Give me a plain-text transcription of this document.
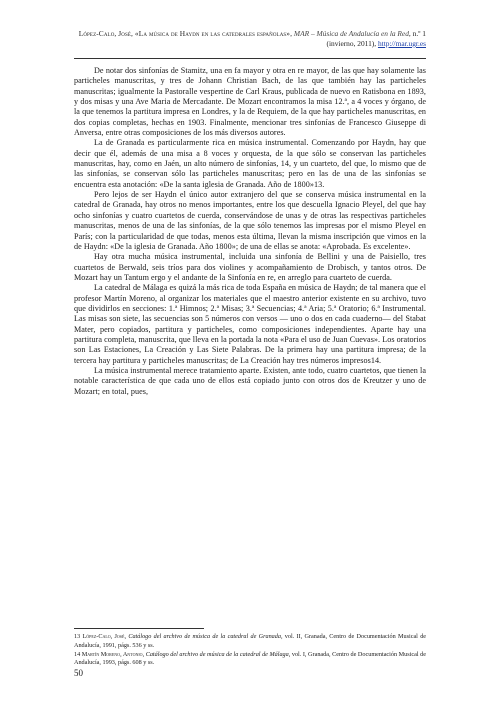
López-Calo, José, «La música de Haydn en las catedrales españolas», MAR – Música de Andalucía en la Red, n.º 1 (invierno, 2011), http://mar.ugr.es

De notar dos sinfonías de Stamitz, una en fa mayor y otra en re mayor, de las que hay solamente las particheles manuscritas, y tres de Johann Christian Bach, de las que también hay las particheles manuscritas; igualmente la Pastoralle vespertine de Carl Kraus, publicada de nuevo en Ratisbona en 1893, y dos misas y una Ave Maria de Mercadante. De Mozart encontramos la misa 12.ª, a 4 voces y órgano, de la que tenemos la partitura impresa en Londres, y la de Requiem, de la que hay particheles manuscritas, en dos copias completas, hechas en 1903. Finalmente, mencionar tres sinfonías de Francesco Giuseppe di Anversa, entre otras composiciones de los más diversos autores.

La de Granada es particularmente rica en música instrumental. Comenzando por Haydn, hay que decir que él, además de una misa a 8 voces y orquesta, de la que sólo se conservan las particheles manuscritas, hay, como en Jaén, un alto número de sinfonías, 14, y un cuarteto, del que, lo mismo que de las sinfonías, se conservan sólo las particheles manuscritas; pero en las de una de las sinfonías se encuentra esta anotación: «De la santa iglesia de Granada. Año de 1800»13.

Pero lejos de ser Haydn el único autor extranjero del que se conserva música instrumental en la catedral de Granada, hay otros no menos importantes, entre los que descuella Ignacio Pleyel, del que hay ocho sinfonías y cuatro cuartetos de cuerda, conservándose de unas y de otras las respectivas particheles manuscritas, menos de una de las sinfonías, de la que sólo tenemos las impresas por el mismo Pleyel en París; con la particularidad de que todas, menos esta última, llevan la misma inscripción que vimos en la de Haydn: «De la iglesia de Granada. Año 1800»; de una de ellas se anota: «Aprobada. Es excelente».

Hay otra mucha música instrumental, incluida una sinfonía de Bellini y una de Paisiello, tres cuartetos de Berwald, seis tríos para dos violines y acompañamiento de Drobisch, y tantos otros. De Mozart hay un Tantum ergo y el andante de la Sinfonía en re, en arreglo para cuarteto de cuerda.

La catedral de Málaga es quizá la más rica de toda España en música de Haydn; de tal manera que el profesor Martín Moreno, al organizar los materiales que el maestro anterior existente en su archivo, tuvo que dividirlos en secciones: 1.ª Himnos; 2.ª Misas; 3.ª Secuencias; 4.ª Aria; 5.ª Oratorio; 6.ª Instrumental. Las misas son siete, las secuencias son 5 números con versos — uno o dos en cada cuaderno— del Stabat Mater, pero copiados, partitura y particheles, como composiciones independientes. Aparte hay una partitura completa, manuscrita, que lleva en la portada la nota «Para el uso de Juan Cuevas». Los oratorios son Las Estaciones, La Creación y Las Siete Palabras. De la primera hay una partitura impresa; de la tercera hay partitura y particheles manuscritas; de La Creación hay tres números impresos14.

La música instrumental merece tratamiento aparte. Existen, ante todo, cuatro cuartetos, que tienen la notable característica de que cada uno de ellos está copiado junto con otros dos de Kreutzer y uno de Mozart; en total, pues,

13 López-Calo, José, Catálogo del archivo de música de la catedral de Granada, vol. II, Granada, Centro de Documentación Musical de Andalucía, 1991, págs. 536 y ss.

14 Martín Moreno, Antonio, Catálogo del archivo de música de la catedral de Málaga, vol. I, Granada, Centro de Documentación Musical de Andalucía, 1993, págs. 608 y ss.

50
